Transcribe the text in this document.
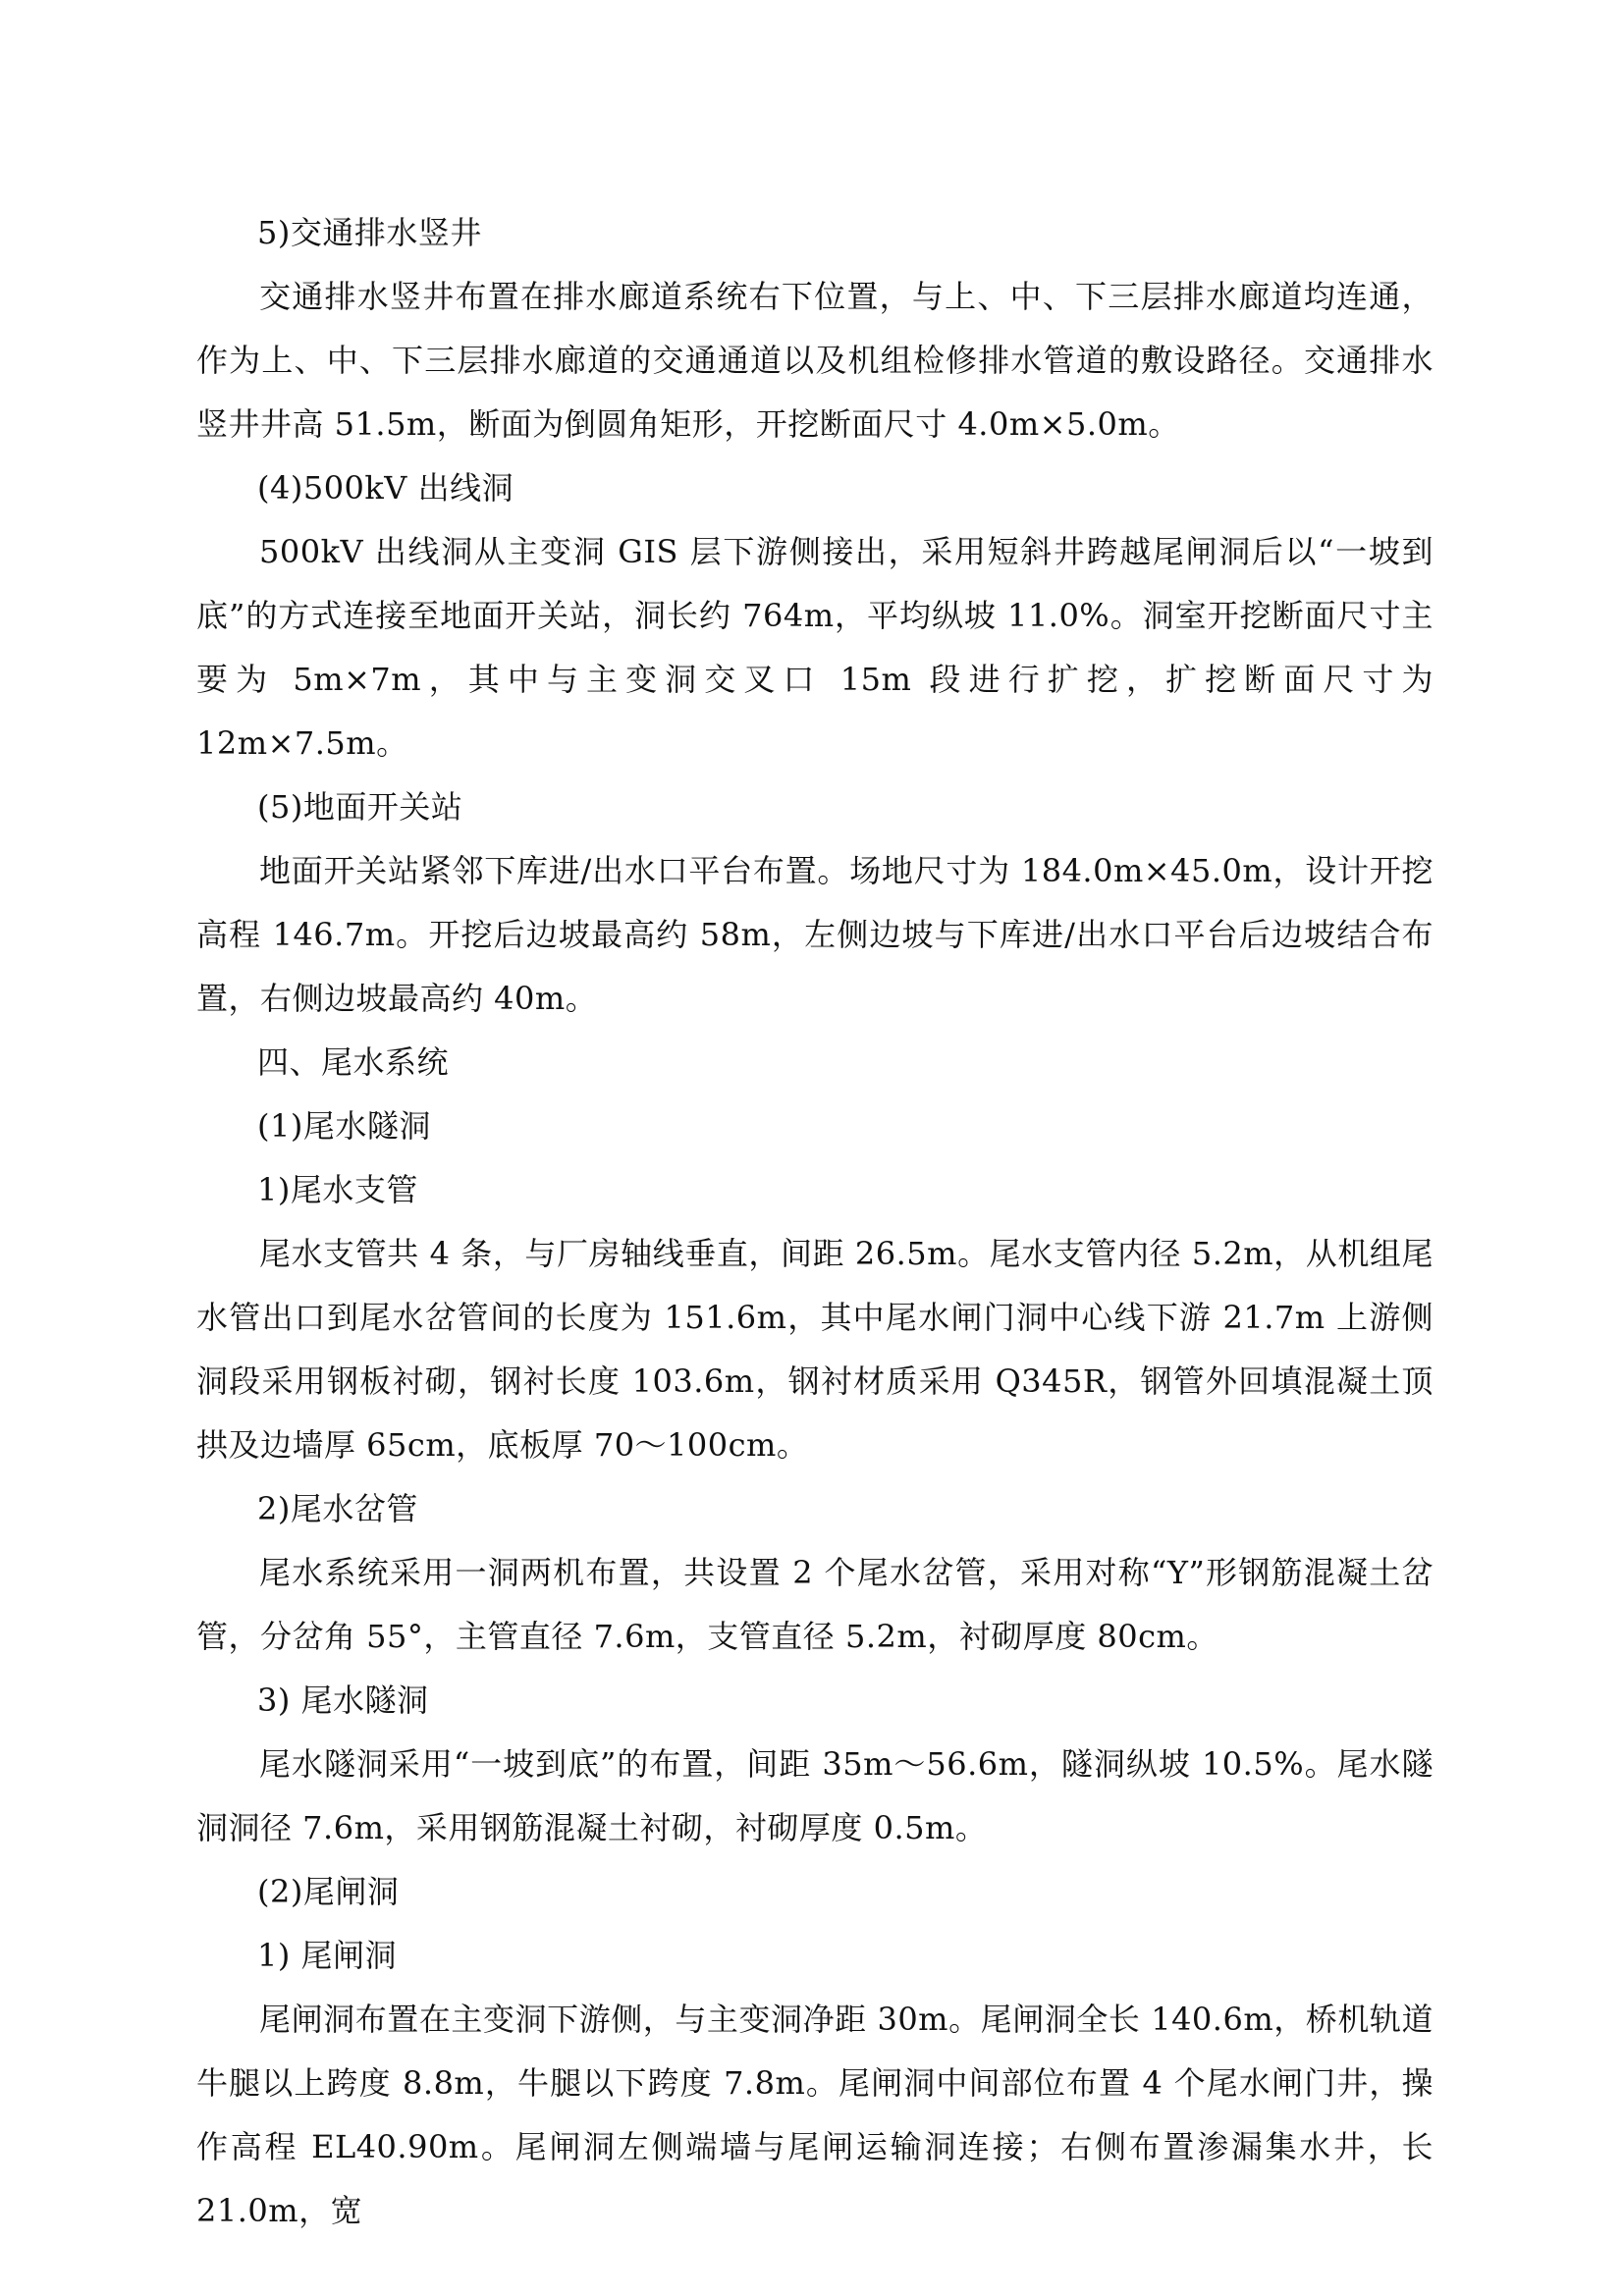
5)交通排水竖井
交通排水竖井布置在排水廊道系统右下位置，与上、中、下三层排水廊道均连通，作为上、中、下三层排水廊道的交通通道以及机组检修排水管道的敷设路径。交通排水竖井井高 51.5m，断面为倒圆角矩形，开挖断面尺寸 4.0m×5.0m。
(4)500kV 出线洞
500kV 出线洞从主变洞 GIS 层下游侧接出，采用短斜井跨越尾闸洞后以“一坡到底”的方式连接至地面开关站，洞长约 764m，平均纵坡 11.0%。洞室开挖断面尺寸主要为 5m×7m，其中与主变洞交叉口 15m 段进行扩挖，扩挖断面尺寸为 12m×7.5m。
(5)地面开关站
地面开关站紧邻下库进/出水口平台布置。场地尺寸为 184.0m×45.0m，设计开挖高程 146.7m。开挖后边坡最高约 58m，左侧边坡与下库进/出水口平台后边坡结合布置，右侧边坡最高约 40m。
四、尾水系统
(1)尾水隧洞
1)尾水支管
尾水支管共 4 条，与厂房轴线垂直，间距 26.5m。尾水支管内径 5.2m，从机组尾水管出口到尾水岔管间的长度为 151.6m，其中尾水闸门洞中心线下游 21.7m 上游侧洞段采用钢板衬砌，钢衬长度 103.6m，钢衬材质采用 Q345R，钢管外回填混凝土顶拱及边墙厚 65cm，底板厚 70～100cm。
2)尾水岔管
尾水系统采用一洞两机布置，共设置 2 个尾水岔管，采用对称“Y”形钢筋混凝土岔管，分岔角 55°，主管直径 7.6m，支管直径 5.2m，衬砌厚度 80cm。
3) 尾水隧洞
尾水隧洞采用“一坡到底”的布置，间距 35m～56.6m，隧洞纵坡 10.5%。尾水隧洞洞径 7.6m，采用钢筋混凝土衬砌，衬砌厚度 0.5m。
(2)尾闸洞
1) 尾闸洞
尾闸洞布置在主变洞下游侧，与主变洞净距 30m。尾闸洞全长 140.6m，桥机轨道牛腿以上跨度 8.8m，牛腿以下跨度 7.8m。尾闸洞中间部位布置 4 个尾水闸门井，操作高程 EL40.90m。尾闸洞左侧端墙与尾闸运输洞连接；右侧布置渗漏集水井，长 21.0m，宽
